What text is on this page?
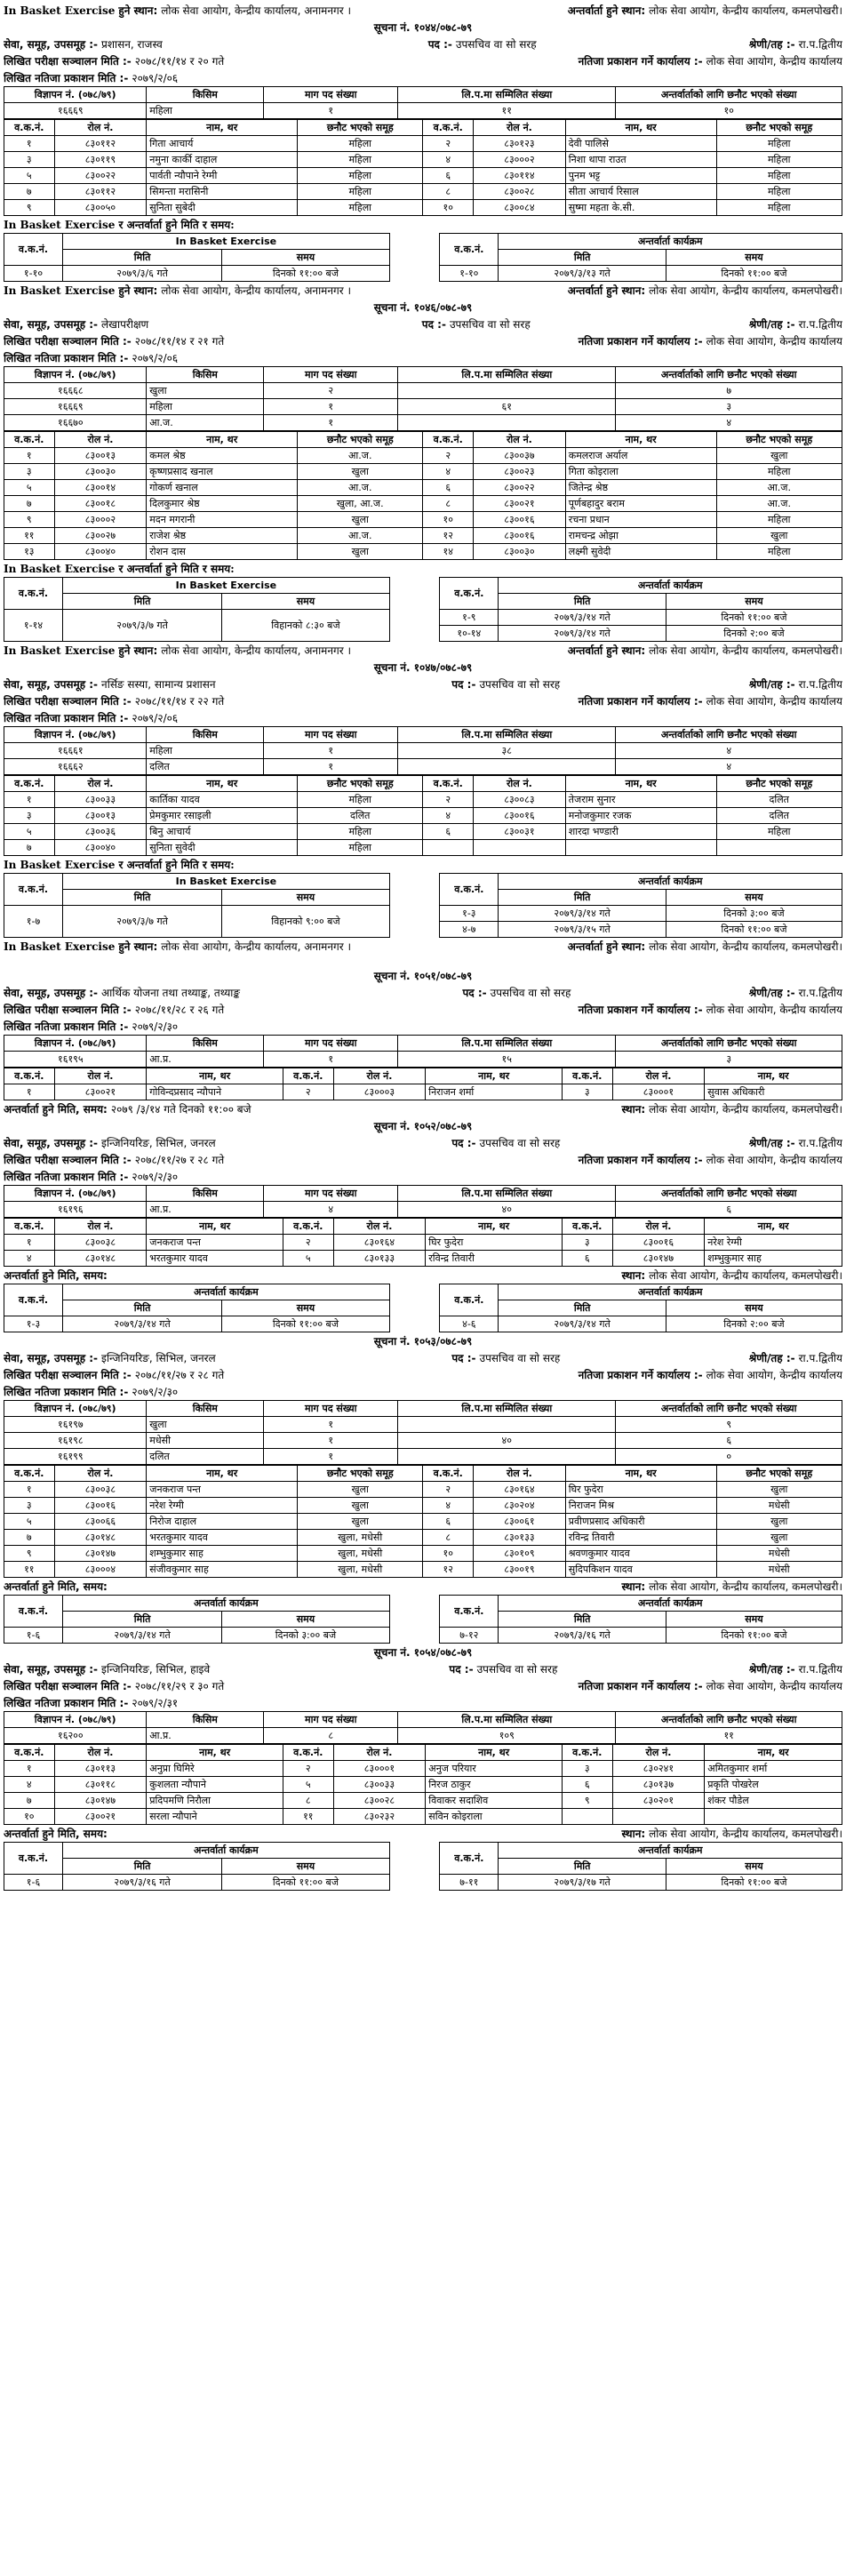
In Basket Exercise हुने स्थान: लोक सेवा आयोग, केन्द्रीय कार्यालय, अनामनगर ।	अन्तर्वार्ता हुने स्थान: लोक सेवा आयोग, केन्द्रीय कार्यालय, कमलपोखरी।
सूचना नं. १०४४/०७८-७९
सेवा, समूह, उपसमूह :- प्रशासन, राजस्व	पद :- उपसचिव वा सो सरह	श्रेणी/तह :- रा.प.द्वितीय
लिखित परीक्षा सञ्चालन मिति :- २०७८/११/१४ र २० गते	नतिजा प्रकाशन गर्ने कार्यालय :- लोक सेवा आयोग, केन्द्रीय कार्यालय
लिखित नतिजा प्रकाशन मिति :- २०७९/२/०६
विज्ञापन नं. (०७८/७९)	किसिम	माग पद संख्या	लि.प.मा सम्मिलित संख्या	अन्तर्वार्ताको लागि छनौट भएको संख्या
१६६६९	महिला	१	११	१०
व.क.नं.	रोल नं.	नाम, थर	छनौट भएको समूह	व.क.नं.	रोल नं.	नाम, थर	छनौट भएको समूह
१	८३०११२	गिता आचार्य	महिला	२	८३०१२३	देवी पालिसे	महिला
३	८३०११९	नमुना कार्की दाहाल	महिला	४	८३०००२	निशा थापा राउत	महिला
५	८३००२२	पार्वती न्यौपाने रेग्मी	महिला	६	८३०११४	पुनम भट्ट	महिला
७	८३०११२	सिमन्ता मरासिनी	महिला	८	८३००२८	सीता आचार्य रिसाल	महिला
९	८३००५०	सुनिता सुबेदी	महिला	१०	८३००८४	सुष्मा महता के.सी.	महिला
In Basket Exercise र अन्तर्वार्ता हुने मिति र समय:
व.क.नं.	In Basket Exercise			व.क.नं.	अन्तर्वार्ता कार्यक्रम	
	मिति	समय			मिति	समय
१-१०	२०७९/३/६ गते	दिनको ११:०० बजे		१-१०	२०७९/३/१३ गते	दिनको ११:०० बजे
In Basket Exercise हुने स्थान: लोक सेवा आयोग, केन्द्रीय कार्यालय, अनामनगर ।	अन्तर्वार्ता हुने स्थान: लोक सेवा आयोग, केन्द्रीय कार्यालय, कमलपोखरी।
सूचना नं. १०४६/०७८-७९
सेवा, समूह, उपसमूह :- लेखापरीक्षण	पद :- उपसचिव वा सो सरह	श्रेणी/तह :- रा.प.द्वितीय
लिखित परीक्षा सञ्चालन मिति :- २०७८/११/१४ र २१ गते	नतिजा प्रकाशन गर्ने कार्यालय :- लोक सेवा आयोग, केन्द्रीय कार्यालय
लिखित नतिजा प्रकाशन मिति :- २०७९/२/०६
विज्ञापन नं. (०७८/७९)	किसिम	माग पद संख्या	लि.प.मा सम्मिलित संख्या	अन्तर्वार्ताको लागि छनौट भएको संख्या
१६६६८	खुला	२		७
१६६६९	महिला	१	६१	३
१६६७०	आ.ज.	१		४
व.क.नं.	रोल नं.	नाम, थर	छनौट भएको समूह	व.क.नं.	रोल नं.	नाम, थर	छनौट भएको समूह
१	८३००१३	कमल श्रेष्ठ	आ.ज.	२	८३००३७	कमलराज अर्याल	खुला
३	८३००३०	कृष्णप्रसाद खनाल	खुला	४	८३००२३	गिता कोइराला	महिला
५	८३००१४	गोकर्ण खनाल	आ.ज.	६	८३००२२	जितेन्द्र श्रेष्ठ	आ.ज.
७	८३००१८	दिलकुमार श्रेष्ठ	खुला, आ.ज.	८	८३००२१	पूर्णबहादुर बराम	आ.ज.
९	८३०००२	मदन मगरानी	खुला	१०	८३००१६	रचना प्रधान	महिला
११	८३००२७	राजेश श्रेष्ठ	आ.ज.	१२	८३००१६	रामचन्द्र ओझा	खुला
१३	८३००४०	रोशन दास	खुला	१४	८३००३०	लक्ष्मी सुवेदी	महिला
In Basket Exercise र अन्तर्वार्ता हुने मिति र समय:
व.क.नं.	In Basket Exercise			व.क.नं.	अन्तर्वार्ता कार्यक्रम	
	मिति	समय			मिति	समय
१-१४	२०७९/३/७ गते	विहानको ८:३० बजे		१-९	२०७९/३/१४ गते	दिनको ११:०० बजे
				१०-१४	२०७९/३/१४ गते	दिनको २:०० बजे
In Basket Exercise हुने स्थान: लोक सेवा आयोग, केन्द्रीय कार्यालय, अनामनगर ।	अन्तर्वार्ता हुने स्थान: लोक सेवा आयोग, केन्द्रीय कार्यालय, कमलपोखरी।
सूचना नं. १०४७/०७८-७९
सेवा, समूह, उपसमूह :- नर्सिङ सस्या, सामान्य प्रशासन	पद :- उपसचिव वा सो सरह	श्रेणी/तह :- रा.प.द्वितीय
लिखित परीक्षा सञ्चालन मिति :- २०७८/११/१४ र २२ गते	नतिजा प्रकाशन गर्ने कार्यालय :- लोक सेवा आयोग, केन्द्रीय कार्यालय
लिखित नतिजा प्रकाशन मिति :- २०७९/२/०६
विज्ञापन नं. (०७८/७९)	किसिम	माग पद संख्या	लि.प.मा सम्मिलित संख्या	अन्तर्वार्ताको लागि छनौट भएको संख्या
१६६६१	महिला	१	३८	४
१६६६२	दलित	१		४
व.क.नं.	रोल नं.	नाम, थर	छनौट भएको समूह	व.क.नं.	रोल नं.	नाम, थर	छनौट भएको समूह
१	८३००३३	कार्तिका यादव	महिला	२	८३००८३	तेजराम सुनार	दलित
३	८३००१३	प्रेमकुमार रसाइली	दलित	४	८३००१६	मनोजकुमार रजक	दलित
५	८३००३६	बिनु आचार्य	महिला	६	८३००३१	शारदा भण्डारी	महिला
७	८३००४०	सुनिता सुवेदी	महिला				
In Basket Exercise र अन्तर्वार्ता हुने मिति र समय:
व.क.नं.	In Basket Exercise			व.क.नं.	अन्तर्वार्ता कार्यक्रम	
	मिति	समय			मिति	समय
१-७	२०७९/३/७ गते	विहानको ९:०० बजे		१-३	२०७९/३/१४ गते	दिनको ३:०० बजे
				४-७	२०७९/३/१५ गते	दिनको ११:०० बजे
In Basket Exercise हुने स्थान: लोक सेवा आयोग, केन्द्रीय कार्यालय, अनामनगर ।	अन्तर्वार्ता हुने स्थान: लोक सेवा आयोग, केन्द्रीय कार्यालय, कमलपोखरी।
सूचना नं. १०५१/०७८-७९
सेवा, समूह, उपसमूह :- आर्थिक योजना तथा तथ्याङ्क, तथ्याङ्क	पद :- उपसचिव वा सो सरह	श्रेणी/तह :- रा.प.द्वितीय
लिखित परीक्षा सञ्चालन मिति :- २०७८/११/२८ र २६ गते	नतिजा प्रकाशन गर्ने कार्यालय :- लोक सेवा आयोग, केन्द्रीय कार्यालय
लिखित नतिजा प्रकाशन मिति :- २०७९/२/३०
विज्ञापन नं. (०७८/७९)	किसिम	माग पद संख्या	लि.प.मा सम्मिलित संख्या	अन्तर्वार्ताको लागि छनौट भएको संख्या
१६१९५	आ.प्र.	१	१५	३
व.क.नं.	रोल नं.	नाम, थर	व.क.नं.	रोल नं.	नाम, थर	व.क.नं.	रोल नं.	नाम, थर
१	८३००२१	गोविन्दप्रसाद न्यौपाने	२	८३०००३	निराजन शर्मा	३	८३०००१	सुवास अधिकारी
अन्तर्वार्ता हुने मिति, समय: २०७९ /३/१४ गते दिनको ११:०० बजे	स्थान: लोक सेवा आयोग, केन्द्रीय कार्यालय, कमलपोखरी।
सूचना नं. १०५२/०७८-७९
सेवा, समूह, उपसमूह :- इन्जिनियरिङ, सिभिल, जनरल	पद :- उपसचिव वा सो सरह	श्रेणी/तह :- रा.प.द्वितीय
लिखित परीक्षा सञ्चालन मिति :- २०७८/११/२७ र २८ गते	नतिजा प्रकाशन गर्ने कार्यालय :- लोक सेवा आयोग, केन्द्रीय कार्यालय
लिखित नतिजा प्रकाशन मिति :- २०७९/२/३०
विज्ञापन नं. (०७८/७९)	किसिम	माग पद संख्या	लि.प.मा सम्मिलित संख्या	अन्तर्वार्ताको लागि छनौट भएको संख्या
१६१९६	आ.प्र.	४	४०	६
व.क.नं.	रोल नं.	नाम, थर	व.क.नं.	रोल नं.	नाम, थर	व.क.नं.	रोल नं.	नाम, थर
१	८३००३८	जनकराज पन्त	२	८३०१६४	घिर फुदेरा	३	८३००१६	नरेश रेग्मी
४	८३०१४८	भरतकुमार यादव	५	८३०१३३	रविन्द्र तिवारी	६	८३०१४७	शम्भुकुमार साह
अन्तर्वार्ता हुने मिति, समय:	स्थान: लोक सेवा आयोग, केन्द्रीय कार्यालय, कमलपोखरी।
व.क.नं.	अन्तर्वार्ता कार्यक्रम			व.क.नं.	अन्तर्वार्ता कार्यक्रम	
	मिति	समय			मिति	समय
१-३	२०७९/३/१४ गते	दिनको ११:०० बजे		४-६	२०७९/३/१४ गते	दिनको २:०० बजे
सूचना नं. १०५३/०७८-७९
सेवा, समूह, उपसमूह :- इन्जिनियरिङ, सिभिल, जनरल	पद :- उपसचिव वा सो सरह	श्रेणी/तह :- रा.प.द्वितीय
लिखित परीक्षा सञ्चालन मिति :- २०७८/११/२७ र २८ गते	नतिजा प्रकाशन गर्ने कार्यालय :- लोक सेवा आयोग, केन्द्रीय कार्यालय
लिखित नतिजा प्रकाशन मिति :- २०७९/२/३०
विज्ञापन नं. (०७८/७९)	किसिम	माग पद संख्या	लि.प.मा सम्मिलित संख्या	अन्तर्वार्ताको लागि छनौट भएको संख्या
१६१९७	खुला	१		९
१६१९८	मधेसी	१	४०	६
१६१९९	दलित	१		०
व.क.नं.	रोल नं.	नाम, थर	छनौट भएको समूह	व.क.नं.	रोल नं.	नाम, थर	छनौट भएको समूह
१	८३००३८	जनकराज पन्त	खुला	२	८३०१६४	घिर फुदेरा	खुला
३	८३००१६	नरेश रेग्मी	खुला	४	८३०२०४	निराजन मिश्र	मधेसी
५	८३००६६	निरोज दाहाल	खुला	६	८३००६१	प्रवीणप्रसाद अधिकारी	खुला
७	८३०१४८	भरतकुमार यादव	खुला, मधेसी	८	८३०१३३	रविन्द्र तिवारी	खुला
९	८३०१४७	शम्भुकुमार साह	खुला, मधेसी	१०	८३०१०९	श्रवणकुमार यादव	मधेसी
११	८३०००४	संजीवकुमार साह	खुला, मधेसी	१२	८३००१९	सुदिपकिशन यादव	मधेसी
अन्तर्वार्ता हुने मिति, समय:	स्थान: लोक सेवा आयोग, केन्द्रीय कार्यालय, कमलपोखरी।
व.क.नं.	अन्तर्वार्ता कार्यक्रम			व.क.नं.	अन्तर्वार्ता कार्यक्रम	
	मिति	समय			मिति	समय
१-६	२०७९/३/१४ गते	दिनको ३:०० बजे		७-१२	२०७९/३/१६ गते	दिनको ११:०० बजे
सूचना नं. १०५४/०७८-७९
सेवा, समूह, उपसमूह :- इन्जिनियरिङ, सिभिल, हाइवे	पद :- उपसचिव वा सो सरह	श्रेणी/तह :- रा.प.द्वितीय
लिखित परीक्षा सञ्चालन मिति :- २०७८/११/२९ र ३० गते	नतिजा प्रकाशन गर्ने कार्यालय :- लोक सेवा आयोग, केन्द्रीय कार्यालय
लिखित नतिजा प्रकाशन मिति :- २०७९/२/३१
विज्ञापन नं. (०७८/७९)	किसिम	माग पद संख्या	लि.प.मा सम्मिलित संख्या	अन्तर्वार्ताको लागि छनौट भएको संख्या
१६२००	आ.प्र.	८	१०९	११
व.क.नं.	रोल नं.	नाम, थर	व.क.नं.	रोल नं.	नाम, थर	व.क.नं.	रोल नं.	नाम, थर
१	८३०११३	अनुप्रा घिमिरे	२	८३०००१	अनुज परियार	३	८३०२४१	अमितकुमार शर्मा
४	८३०११८	कुशलता न्यौपाने	५	८३००३३	निरज ठाकुर	६	८३०१३७	प्रकृति पोखरेल
७	८३०१४७	प्रदिपमणि निरौला	८	८३००२८	विवाकर सदाशिव	९	८३०२०१	शंकर पौडेल
१०	८३००२१	सरला न्यौपाने	११	८३०२३२	सविन कोइराला			
अन्तर्वार्ता हुने मिति, समय:	स्थान: लोक सेवा आयोग, केन्द्रीय कार्यालय, कमलपोखरी।
व.क.नं.	अन्तर्वार्ता कार्यक्रम			व.क.नं.	अन्तर्वार्ता कार्यक्रम	
	मिति	समय			मिति	समय
१-६	२०७९/३/१६ गते	दिनको ११:०० बजे		७-११	२०७९/३/१७ गते	दिनको ११:०० बजे
